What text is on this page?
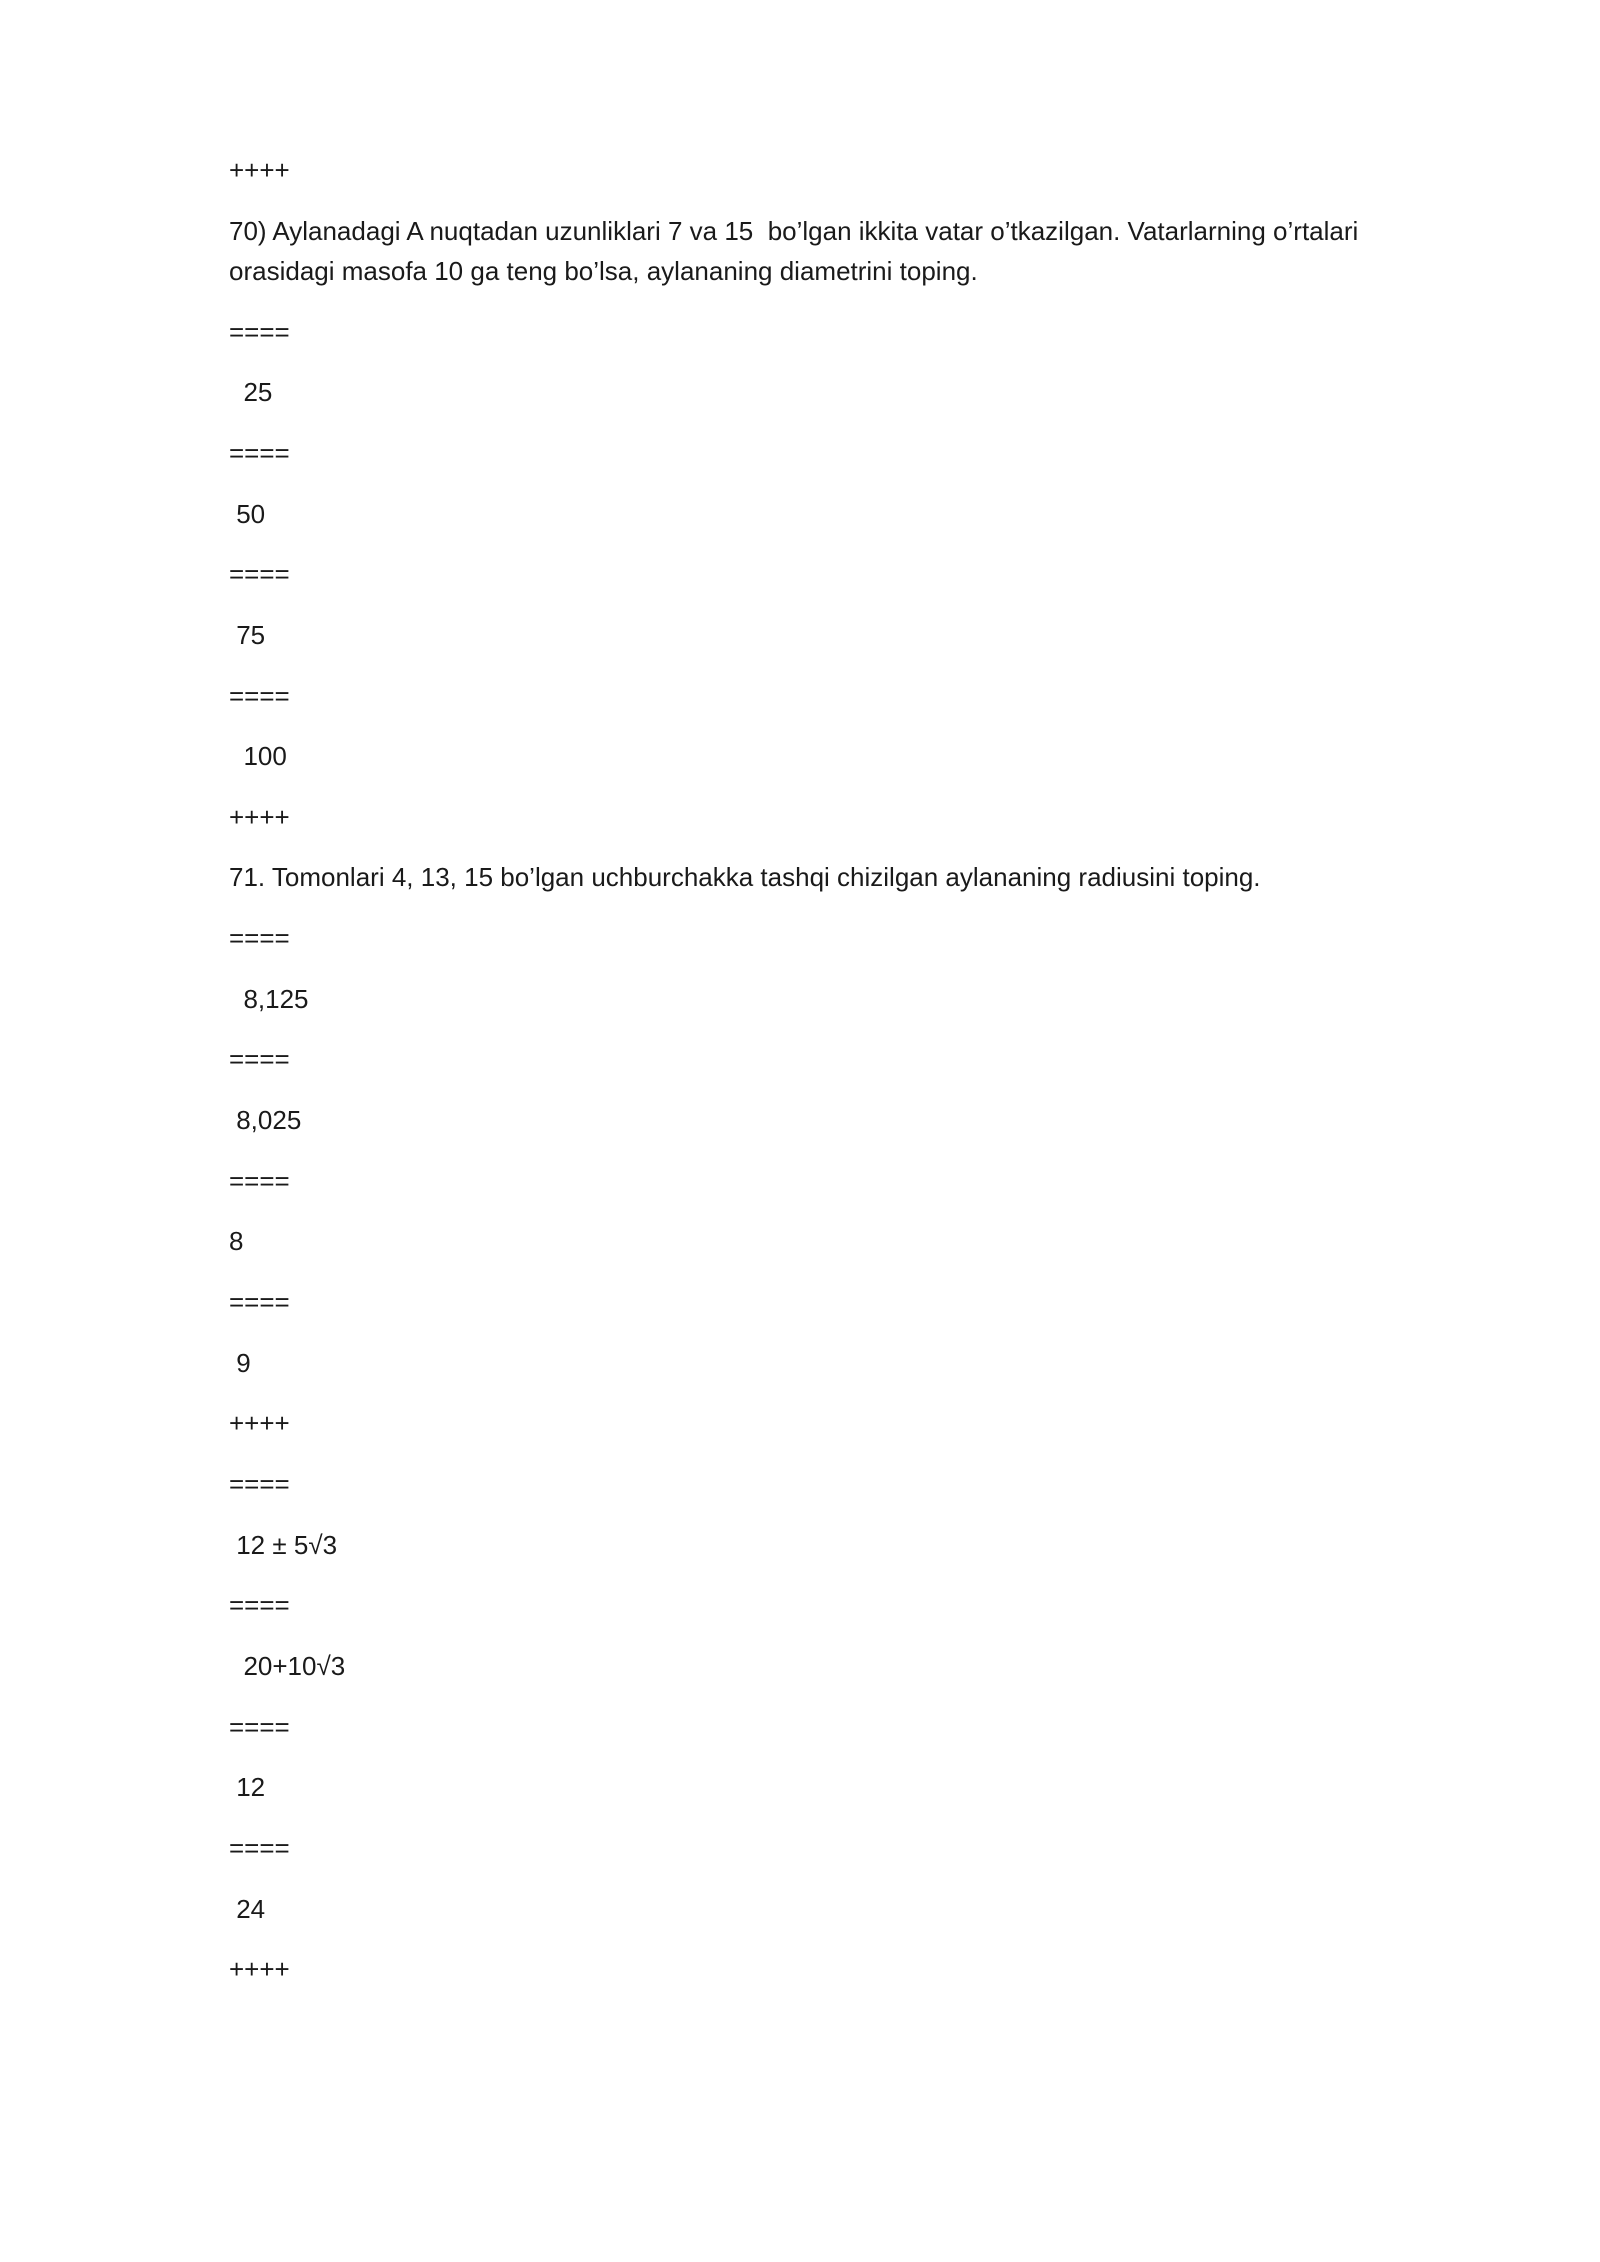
++++
70) Aylanadagi A nuqtadan uzunliklari 7 va 15  bo’lgan ikkita vatar o’tkazilgan. Vatarlarning o’rtalari
orasidagi masofa 10 ga teng bo’lsa, aylananing diametrini toping.
====
25
====
50
====
75
====
100
++++
71. Tomonlari 4, 13, 15 bo’lgan uchburchakka tashqi chizilgan aylananing radiusini toping.
====
8,125
====
8,025
====
8
====
9
++++
====
12 ± 5√3
====
20+10√3
====
12
====
24
++++
